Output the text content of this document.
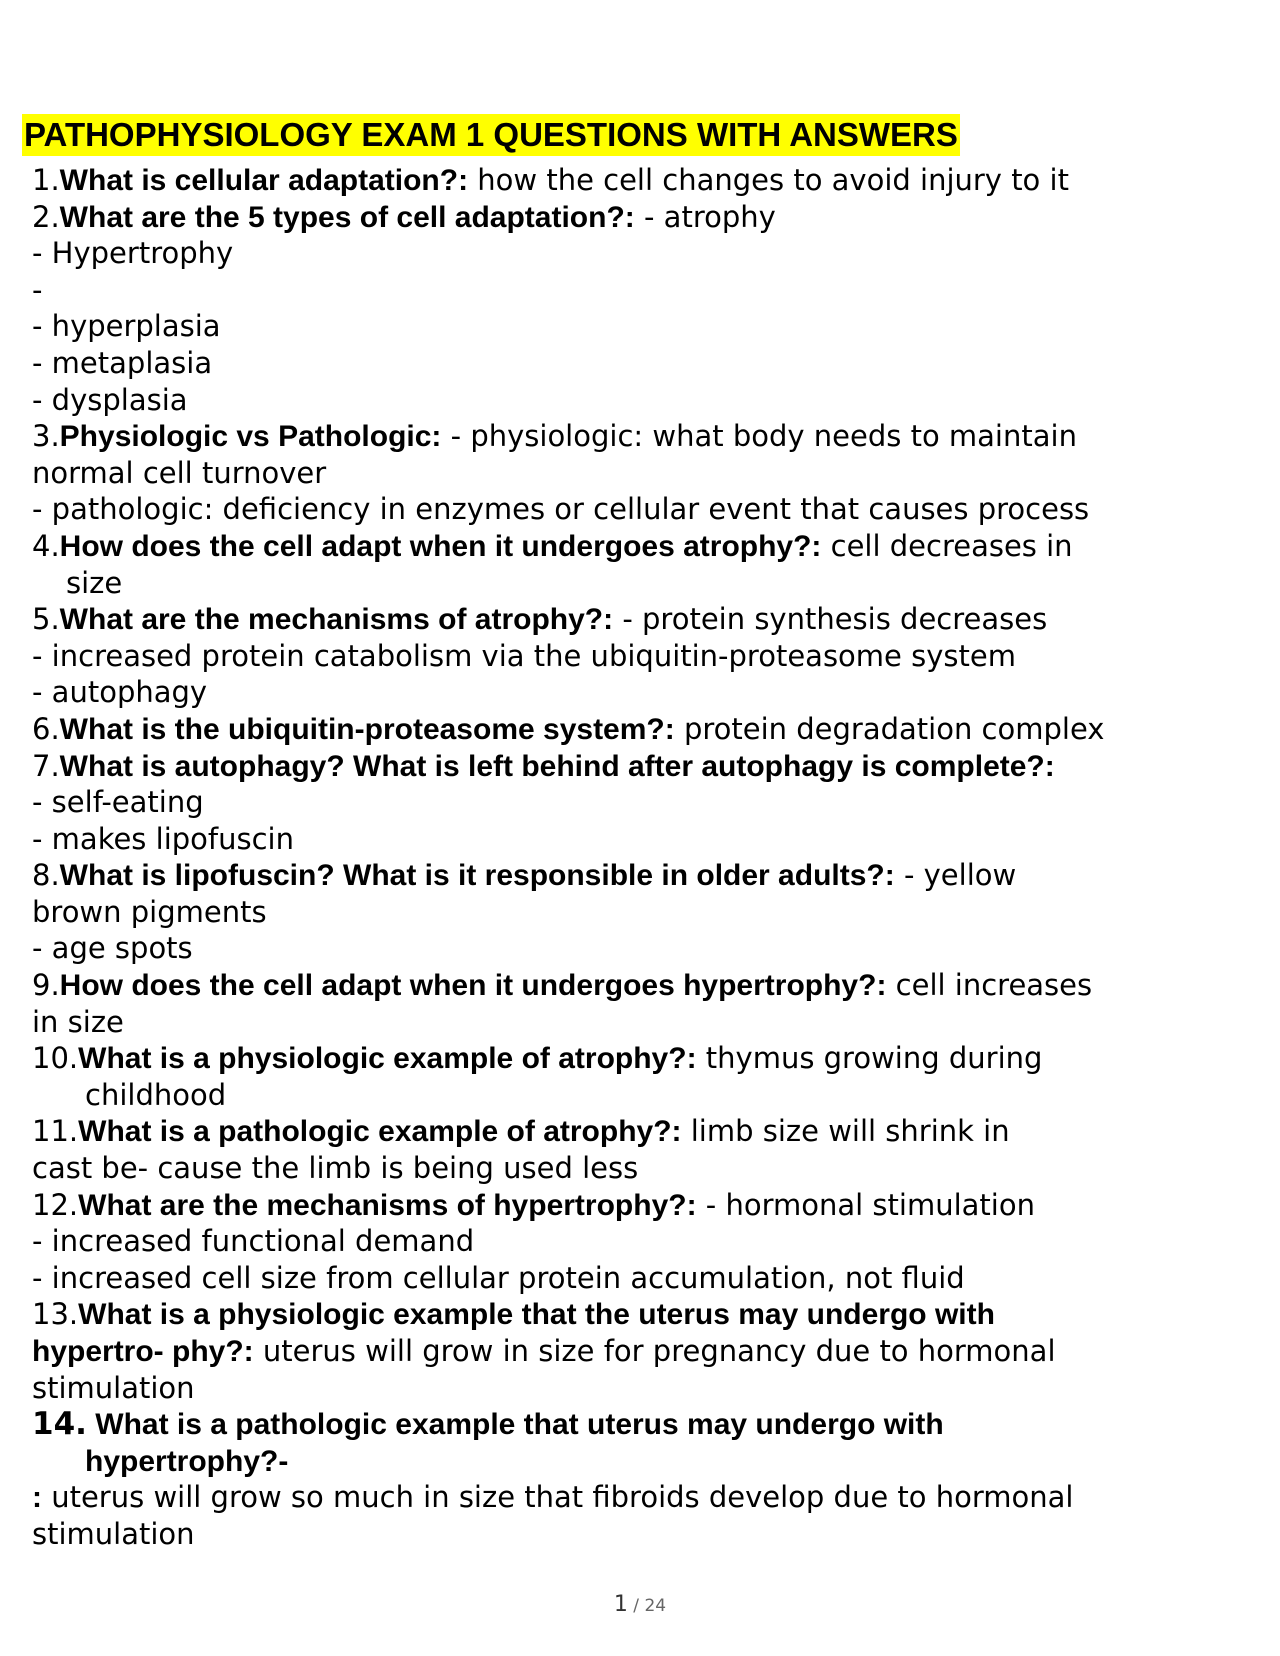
PATHOPHYSIOLOGY EXAM 1 QUESTIONS WITH ANSWERS
1.What is cellular adaptation?: how the cell changes to avoid injury to it
2.What are the 5 types of cell adaptation?: - atrophy
- Hypertrophy
-
- hyperplasia
- metaplasia
- dysplasia
3.Physiologic vs Pathologic: - physiologic: what body needs to maintain
normal cell turnover
- pathologic: deficiency in enzymes or cellular event that causes process
4.How does the cell adapt when it undergoes atrophy?: cell decreases in
size
5.What are the mechanisms of atrophy?: - protein synthesis decreases
- increased protein catabolism via the ubiquitin-proteasome system
- autophagy
6.What is the ubiquitin-proteasome system?: protein degradation complex
7.What is autophagy? What is left behind after autophagy is complete?:
- self-eating
- makes lipofuscin
8.What is lipofuscin? What is it responsible in older adults?: - yellow
brown pigments
- age spots
9.How does the cell adapt when it undergoes hypertrophy?: cell increases
in size
10.What is a physiologic example of atrophy?: thymus growing during
childhood
11.What is a pathologic example of atrophy?: limb size will shrink in
cast be- cause the limb is being used less
12.What are the mechanisms of hypertrophy?: - hormonal stimulation
- increased functional demand
- increased cell size from cellular protein accumulation, not fluid
13.What is a physiologic example that the uterus may undergo with
hypertro- phy?: uterus will grow in size for pregnancy due to hormonal
stimulation
14. What is a pathologic example that uterus may undergo with
hypertrophy?-
: uterus will grow so much in size that fibroids develop due to hormonal
stimulation
1 / 24
